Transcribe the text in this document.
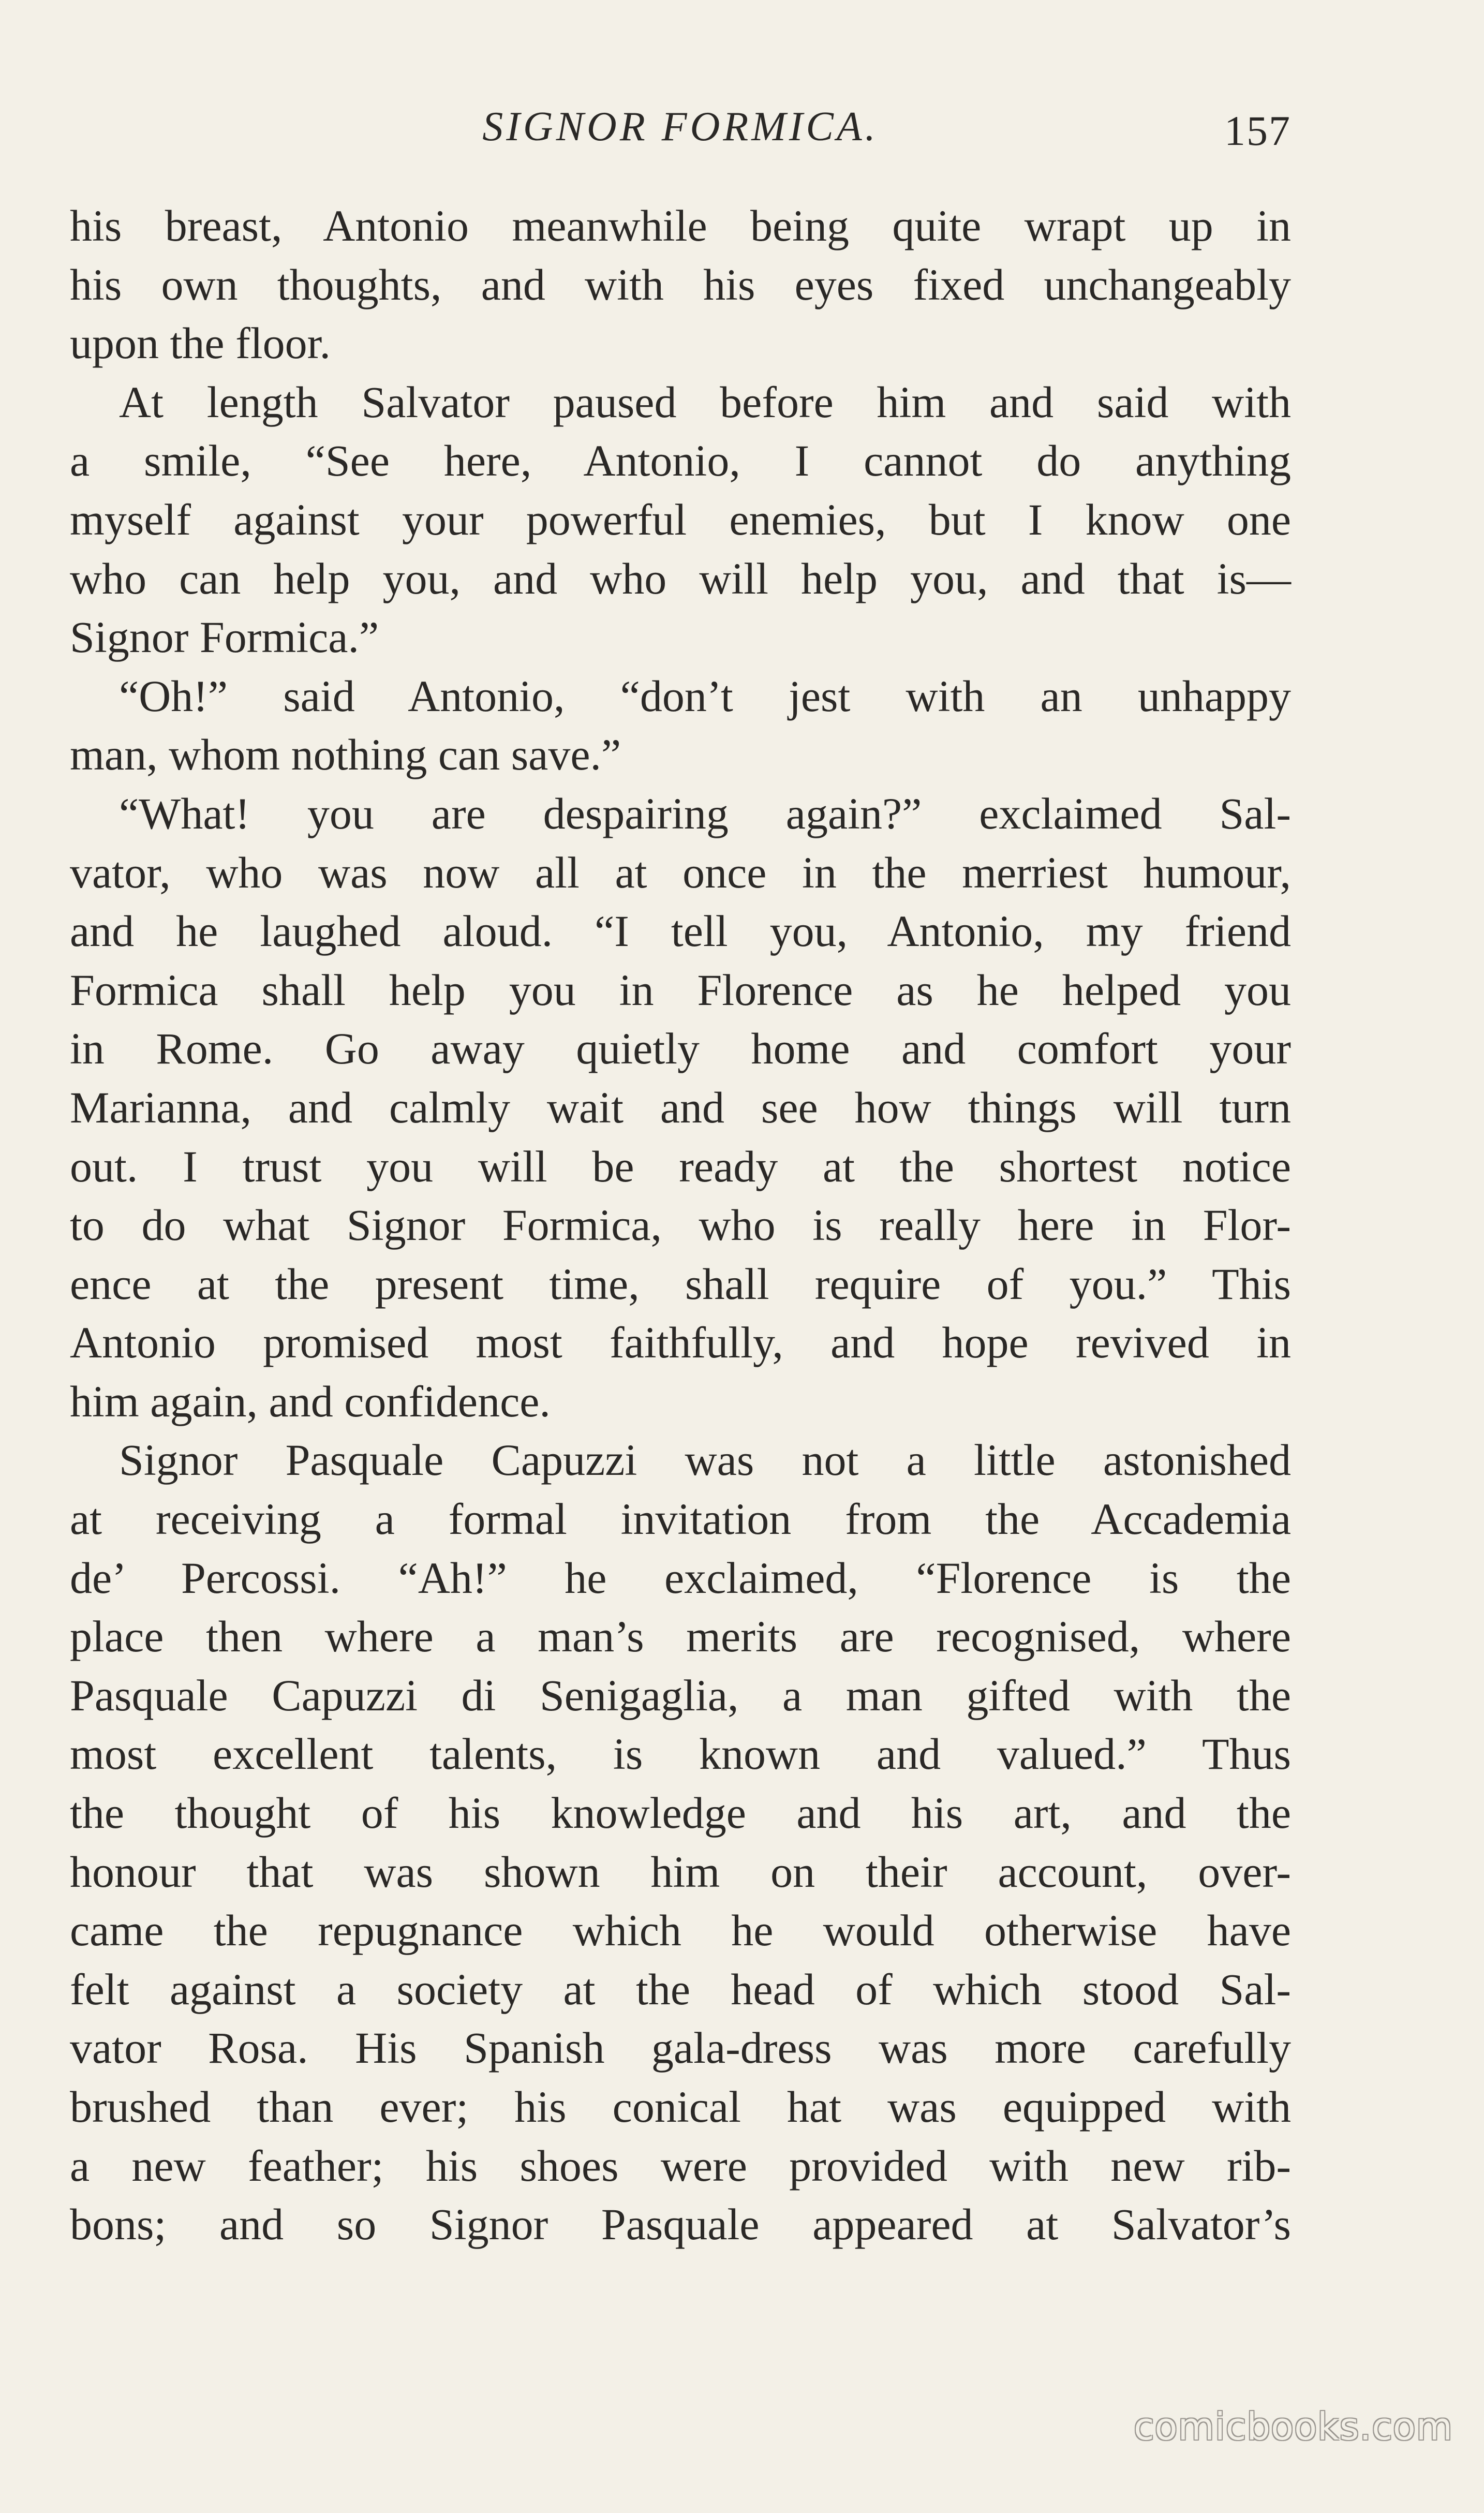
SIGNOR FORMICA.	157
his breast, Antonio meanwhile being quite wrapt up in
his own thoughts, and with his eyes fixed unchangeably
upon the floor.
At length Salvator paused before him and said with
a smile, “See here, Antonio, I cannot do anything
myself against your powerful enemies, but I know one
who can help you, and who will help you, and that is—
Signor Formica.”
“Oh!” said Antonio, “don’t jest with an unhappy
man, whom nothing can save.”
“What! you are despairing again?” exclaimed Sal-
vator, who was now all at once in the merriest humour,
and he laughed aloud. “I tell you, Antonio, my friend
Formica shall help you in Florence as he helped you
in Rome. Go away quietly home and comfort your
Marianna, and calmly wait and see how things will turn
out. I trust you will be ready at the shortest notice
to do what Signor Formica, who is really here in Flor-
ence at the present time, shall require of you.” This
Antonio promised most faithfully, and hope revived in
him again, and confidence.
Signor Pasquale Capuzzi was not a little astonished
at receiving a formal invitation from the Accademia
de’ Percossi. “Ah!” he exclaimed, “Florence is the
place then where a man’s merits are recognised, where
Pasquale Capuzzi di Senigaglia, a man gifted with the
most excellent talents, is known and valued.” Thus
the thought of his knowledge and his art, and the
honour that was shown him on their account, over-
came the repugnance which he would otherwise have
felt against a society at the head of which stood Sal-
vator Rosa. His Spanish gala-dress was more carefully
brushed than ever; his conical hat was equipped with
a new feather; his shoes were provided with new rib-
bons; and so Signor Pasquale appeared at Salvator’s
comicbooks.com
